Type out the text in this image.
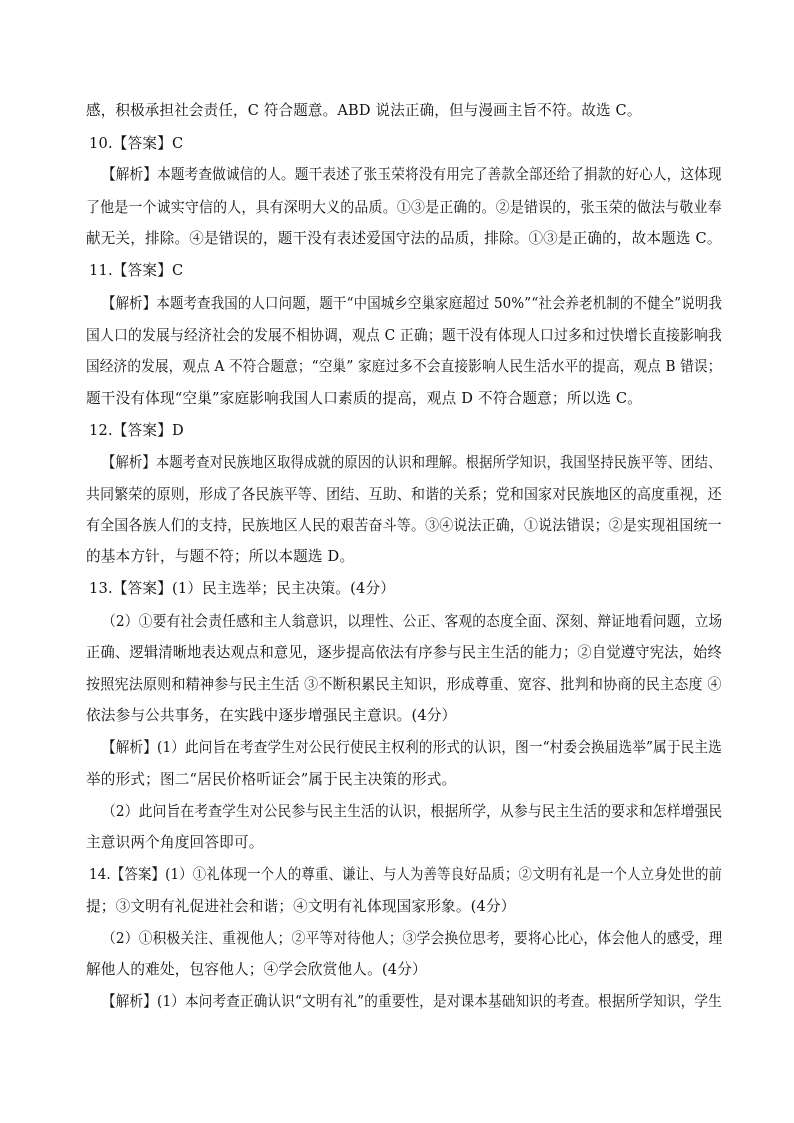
感，积极承担社会责任，C 符合题意。ABD 说法正确，但与漫画主旨不符。故选 C。
10.【答案】C
【解析】本题考查做诚信的人。题干表述了张玉荣将没有用完了善款全部还给了捐款的好心人，这体现
了他是一个诚实守信的人，具有深明大义的品质。①③是正确的。②是错误的，张玉荣的做法与敬业奉
献无关，排除。④是错误的，题干没有表述爱国守法的品质，排除。①③是正确的，故本题选 C。
11.【答案】C
【解析】本题考查我国的人口问题，题干“中国城乡空巢家庭超过 50%”“社会养老机制的不健全”说明我
国人口的发展与经济社会的发展不相协调，观点 C 正确；题干没有体现人口过多和过快增长直接影响我
国经济的发展，观点 A 不符合题意；“空巢” 家庭过多不会直接影响人民生活水平的提高，观点 B 错误；
题干没有体现“空巢”家庭影响我国人口素质的提高，观点 D 不符合题意；所以选 C。
12.【答案】D
【解析】本题考查对民族地区取得成就的原因的认识和理解。根据所学知识，我国坚持民族平等、团结、
共同繁荣的原则，形成了各民族平等、团结、互助、和谐的关系；党和国家对民族地区的高度重视，还
有全国各族人们的支持，民族地区人民的艰苦奋斗等。③④说法正确，①说法错误；②是实现祖国统一
的基本方针，与题不符；所以本题选 D。
13.【答案】(1）民主选举；民主决策。(4分）
（2）①要有社会责任感和主人翁意识，以理性、公正、客观的态度全面、深刻、辩证地看问题，立场
正确、逻辑清晰地表达观点和意见，逐步提高依法有序参与民主生活的能力；②自觉遵守宪法，始终
按照宪法原则和精神参与民主生活 ③不断积累民主知识，形成尊重、宽容、批判和协商的民主态度 ④
依法参与公共事务，在实践中逐步增强民主意识。(4分）
【解析】(1）此问旨在考查学生对公民行使民主权利的形式的认识，图一“村委会换届选举”属于民主选
举的形式；图二“居民价格听证会”属于民主决策的形式。
（2）此问旨在考查学生对公民参与民主生活的认识，根据所学，从参与民主生活的要求和怎样增强民
主意识两个角度回答即可。
14.【答案】(1）①礼体现一个人的尊重、谦让、与人为善等良好品质；②文明有礼是一个人立身处世的前
提；③文明有礼促进社会和谐；④文明有礼体现国家形象。(4分）
（2）①积极关注、重视他人；②平等对待他人；③学会换位思考，要将心比心，体会他人的感受，理
解他人的难处，包容他人；④学会欣赏他人。(4分）
【解析】(1）本问考查正确认识“文明有礼”的重要性，是对课本基础知识的考查。根据所学知识，学生
